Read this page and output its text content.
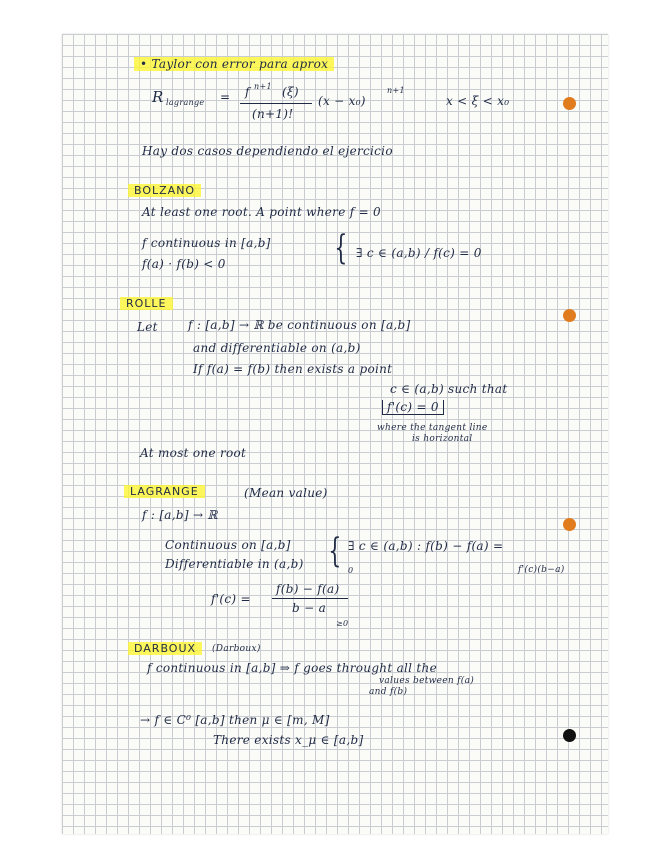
• Taylor con error para aprox
R lagrange = f n+1 (ξ)
(n+1)!
(x − x₀)
n+1
x < ξ < x₀
Hay dos casos dependiendo el ejercicio
BOLZANO
At least one root. A point where f = 0
f continuous in [a,b]
f(a) · f(b) < 0	{ ∃ c ∈ (a,b) / f(c) = 0
ROLLE
Let	f : [a,b] → ℝ be continuous on [a,b]
and differentiable on (a,b)
If f(a) = f(b) then exists a point
c ∈ (a,b) such that
f'(c) = 0
where the tangent line
is horizontal
At most one root
LAGRANGE	(Mean value)
f : [a,b] → ℝ
Continuous on [a,b]
Differentiable in (a,b) { ∃ c ∈ (a,b) : f(b) − f(a) =
f'(c)(b−a)
0
f'(c) =
f(b) − f(a)
b − a
≥0
DARBOUX	(Darboux)
f continuous in [a,b] ⇒ f goes throught all the
values between f(a)
and f(b)
→ f ∈ C⁰ [a,b] then μ ∈ [m, M]
There exists x_μ ∈ [a,b]
